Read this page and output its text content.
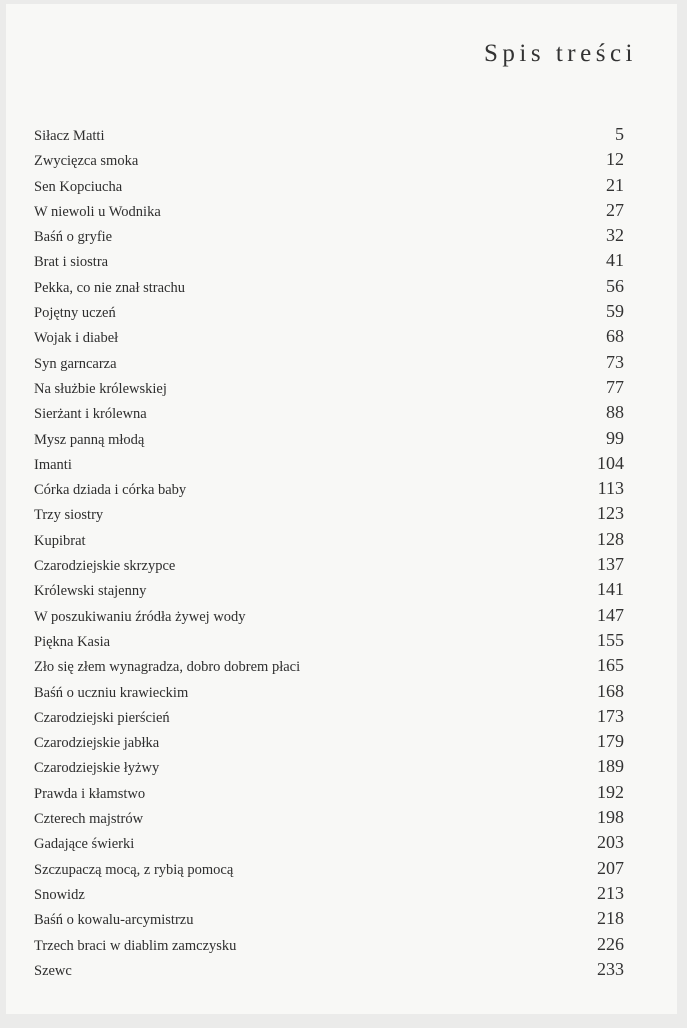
Spis treści
Siłacz Matti	5
Zwycięzca smoka	12
Sen Kopciucha	21
W niewoli u Wodnika	27
Baśń o gryfie	32
Brat i siostra	41
Pekka, co nie znał strachu	56
Pojętny uczeń	59
Wojak i diabeł	68
Syn garncarza	73
Na służbie królewskiej	77
Sierżant i królewna	88
Mysz panną młodą	99
Imanti	104
Córka dziada i córka baby	113
Trzy siostry	123
Kupibrat	128
Czarodziejskie skrzypce	137
Królewski stajenny	141
W poszukiwaniu źródła żywej wody	147
Piękna Kasia	155
Zło się złem wynagradza, dobro dobrem płaci	165
Baśń o uczniu krawieckim	168
Czarodziejski pierścień	173
Czarodziejskie jabłka	179
Czarodziejskie łyżwy	189
Prawda i kłamstwo	192
Czterech majstrów	198
Gadające świerki	203
Szczupaczą mocą, z rybią pomocą	207
Snowidz	213
Baśń o kowalu-arcymistrzu	218
Trzech braci w diablim zamczysku	226
Szewc	233
